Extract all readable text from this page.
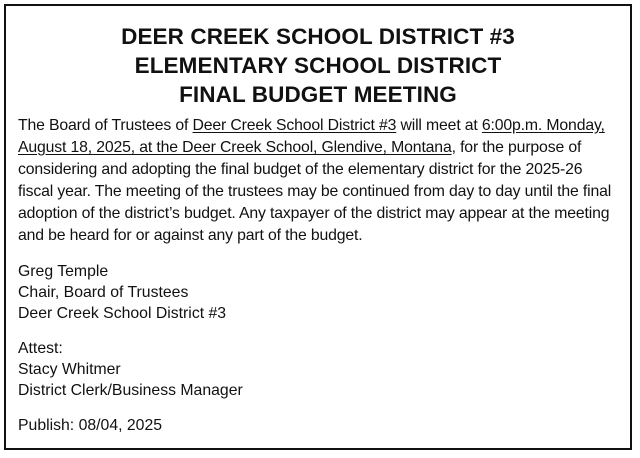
DEER CREEK SCHOOL DISTRICT #3
ELEMENTARY SCHOOL DISTRICT
FINAL BUDGET MEETING

The Board of Trustees of Deer Creek School District #3 will meet at 6:00p.m. Monday, August 18, 2025, at the Deer Creek School, Glendive, Montana, for the purpose of considering and adopting the final budget of the elementary district for the 2025-26 fiscal year. The meeting of the trustees may be continued from day to day until the final adoption of the district’s budget. Any taxpayer of the district may appear at the meeting and be heard for or against any part of the budget.

Greg Temple
Chair, Board of Trustees
Deer Creek School District #3
Attest:
Stacy Whitmer
District Clerk/Business Manager
Publish: 08/04, 2025
